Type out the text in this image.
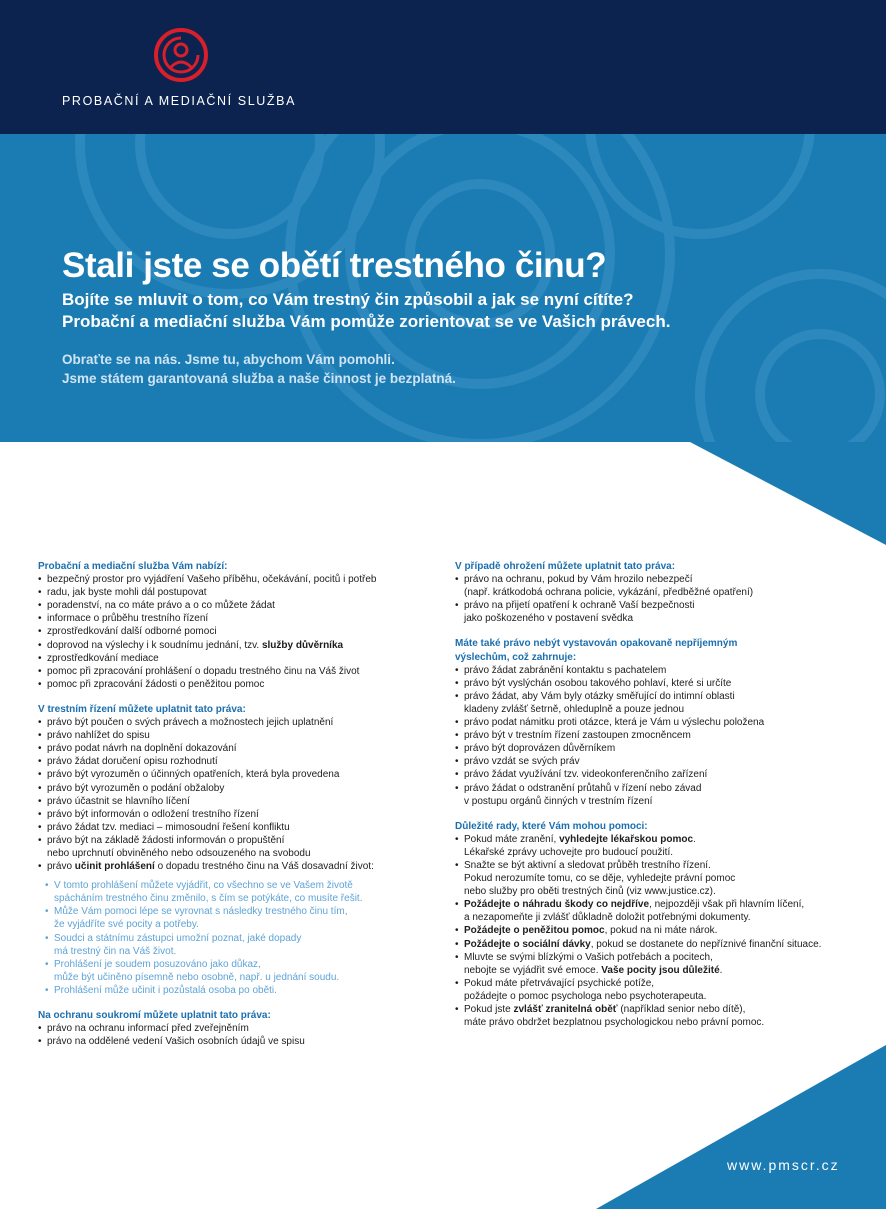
PROBAČNÍ A MEDIAČNÍ SLUŽBA
Stali jste se obětí trestného činu?
Bojíte se mluvit o tom, co Vám trestný čin způsobil a jak se nyní cítíte?
Probační a mediační služba Vám pomůže zorientovat se ve Vašich právech.
Obraťte se na nás. Jsme tu, abychom Vám pomohli.
Jsme státem garantovaná služba a naše činnost je bezplatná.

Probační a mediační služba Vám nabízí:

• bezpečný prostor pro vyjádření Vašeho příběhu, očekávání, pocitů i potřeb
• radu, jak byste mohli dál postupovat
• poradenství, na co máte právo a o co můžete žádat
• informace o průběhu trestního řízení
• zprostředkování další odborné pomoci
• doprovod na výslechy i k soudnímu jednání, tzv. služby důvěrníka
• zprostředkování mediace
• pomoc při zpracování prohlášení o dopadu trestného činu na Váš život
• pomoc při zpracování žádosti o peněžitou pomoc

V trestním řízení můžete uplatnit tato práva:

• právo být poučen o svých právech a možnostech jejich uplatnění
• právo nahlížet do spisu
• právo podat návrh na doplnění dokazování
• právo žádat doručení opisu rozhodnutí
• právo být vyrozuměn o účinných opatřeních, která byla provedena
• právo být vyrozuměn o podání obžaloby
• právo účastnit se hlavního líčení
• právo být informován o odložení trestního řízení
• právo žádat tzv. mediaci – mimosoudní řešení konfliktu
• právo být na základě žádosti informován o propuštění
nebo uprchnutí obviněného nebo odsouzeného na svobodu
• právo učinit prohlášení o dopadu trestného činu na Váš dosavadní život:
• V tomto prohlášení můžete vyjádřit, co všechno se ve Vašem životě
spácháním trestného činu změnilo, s čím se potýkáte, co musíte řešit.
• Může Vám pomoci lépe se vyrovnat s následky trestného činu tím,
že vyjádříte své pocity a potřeby.
• Soudci a státnímu zástupci umožní poznat, jaké dopady
má trestný čin na Váš život.
• Prohlášení je soudem posuzováno jako důkaz,
může být učiněno písemně nebo osobně, např. u jednání soudu.
• Prohlášení může učinit i pozůstalá osoba po oběti.

Na ochranu soukromí můžete uplatnit tato práva:

• právo na ochranu informací před zveřejněním
• právo na oddělené vedení Vašich osobních údajů ve spisu

V případě ohrožení můžete uplatnit tato práva:

• právo na ochranu, pokud by Vám hrozilo nebezpečí
(např. krátkodobá ochrana policie, vykázání, předběžné opatření)
• právo na přijetí opatření k ochraně Vaší bezpečnosti
jako poškozeného v postavení svědka

Máte také právo nebýt vystavován opakovaně nepříjemným
výslechům, což zahrnuje:

• právo žádat zabránění kontaktu s pachatelem
• právo být vyslýchán osobou takového pohlaví, které si určíte
• právo žádat, aby Vám byly otázky směřující do intimní oblasti
kladeny zvlášť šetrně, ohleduplně a pouze jednou
• právo podat námitku proti otázce, která je Vám u výslechu položena
• právo být v trestním řízení zastoupen zmocněncem
• právo být doprovázen důvěrníkem
• právo vzdát se svých práv
• právo žádat využívání tzv. videokonferenčního zařízení
• právo žádat o odstranění průtahů v řízení nebo závad
v postupu orgánů činných v trestním řízení

Důležité rady, které Vám mohou pomoci:

• Pokud máte zranění, vyhledejte lékařskou pomoc.
Lékařské zprávy uchovejte pro budoucí použití.
• Snažte se být aktivní a sledovat průběh trestního řízení.
Pokud nerozumíte tomu, co se děje, vyhledejte právní pomoc
nebo služby pro oběti trestných činů (viz www.justice.cz).
• Požádejte o náhradu škody co nejdříve, nejpozději však při hlavním líčení,
a nezapomeňte ji zvlášť důkladně doložit potřebnými dokumenty.
• Požádejte o peněžitou pomoc, pokud na ni máte nárok.
• Požádejte o sociální dávky, pokud se dostanete do nepříznivé finanční situace.
• Mluvte se svými blízkými o Vašich potřebách a pocitech,
nebojte se vyjádřit své emoce. Vaše pocity jsou důležité.
• Pokud máte přetrvávající psychické potíže,
požádejte o pomoc psychologa nebo psychoterapeuta.
• Pokud jste zvlášť zranitelná oběť (například senior nebo dítě),
máte právo obdržet bezplatnou psychologickou nebo právní pomoc.
www.pmscr.cz
